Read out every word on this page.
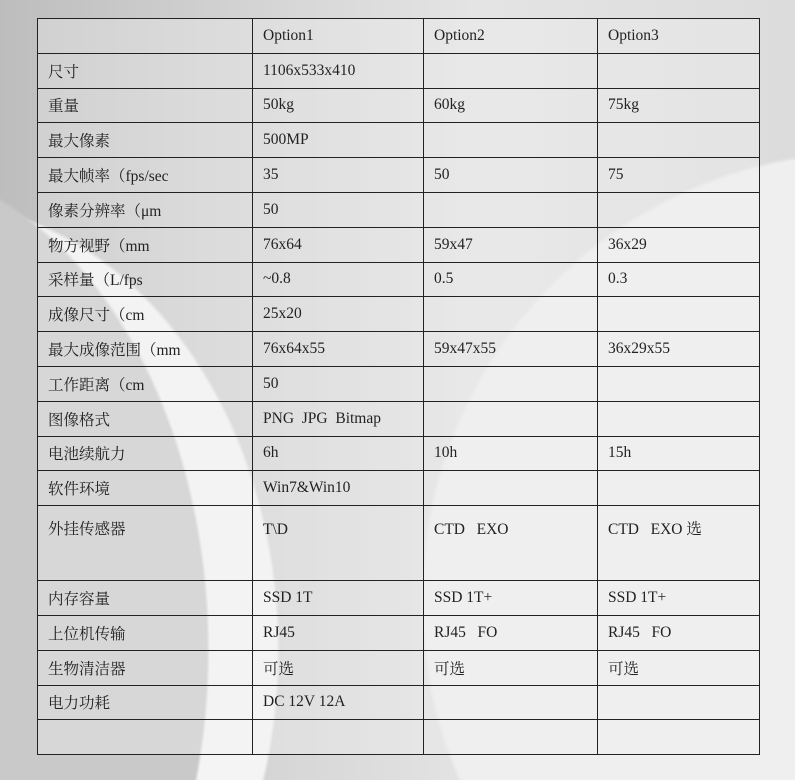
	Option1	Option2	Option3
尺寸	1106x533x410		
重量	50kg	60kg	75kg
最大像素	500MP		
最大帧率（fps/sec	35	50	75
像素分辨率（μm	50		
物方视野（mm	76x64	59x47	36x29
采样量（L/fps	~0.8	0.5	0.3
成像尺寸（cm	25x20		
最大成像范围（mm	76x64x55	59x47x55	36x29x55
工作距离（cm	50		
图像格式	PNG  JPG  Bitmap		
电池续航力	6h	10h	15h
软件环境	Win7&Win10		
外挂传感器	T\D	CTD   EXO	CTD   EXO 选
内存容量	SSD 1T	SSD 1T+	SSD 1T+
上位机传输	RJ45	RJ45   FO	RJ45   FO
生物清洁器	可选	可选	可选
电力功耗	DC 12V 12A		
